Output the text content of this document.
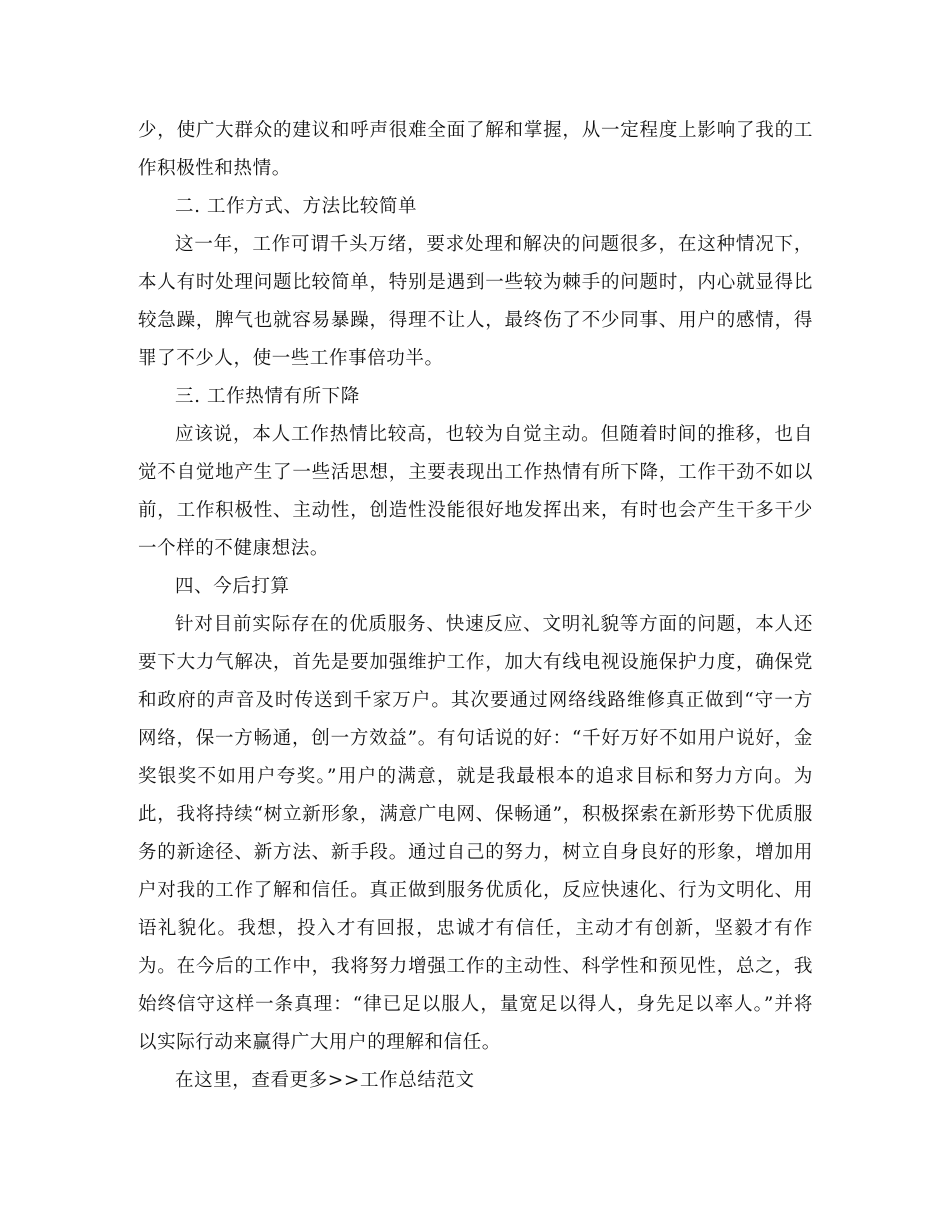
少，使广大群众的建议和呼声很难全面了解和掌握，从一定程度上影响了我的工作积极性和热情。

二. 工作方式、方法比较简单

这一年，工作可谓千头万绪，要求处理和解决的问题很多，在这种情况下，本人有时处理问题比较简单，特别是遇到一些较为棘手的问题时，内心就显得比较急躁，脾气也就容易暴躁，得理不让人，最终伤了不少同事、用户的感情，得罪了不少人，使一些工作事倍功半。

三. 工作热情有所下降

应该说，本人工作热情比较高，也较为自觉主动。但随着时间的推移，也自觉不自觉地产生了一些活思想，主要表现出工作热情有所下降，工作干劲不如以前，工作积极性、主动性，创造性没能很好地发挥出来，有时也会产生干多干少一个样的不健康想法。

四、今后打算

针对目前实际存在的优质服务、快速反应、文明礼貌等方面的问题，本人还要下大力气解决，首先是要加强维护工作，加大有线电视设施保护力度，确保党和政府的声音及时传送到千家万户。其次要通过网络线路维修真正做到“守一方网络，保一方畅通，创一方效益”。有句话说的好：“千好万好不如用户说好，金奖银奖不如用户夸奖。”用户的满意，就是我最根本的追求目标和努力方向。为此，我将持续“树立新形象，满意广电网、保畅通”，积极探索在新形势下优质服务的新途径、新方法、新手段。通过自己的努力，树立自身良好的形象，增加用户对我的工作了解和信任。真正做到服务优质化，反应快速化、行为文明化、用语礼貌化。我想，投入才有回报，忠诚才有信任，主动才有创新，坚毅才有作为。在今后的工作中，我将努力增强工作的主动性、科学性和预见性，总之，我始终信守这样一条真理：“律已足以服人，量宽足以得人，身先足以率人。”并将以实际行动来赢得广大用户的理解和信任。

在这里，查看更多>>工作总结范文
